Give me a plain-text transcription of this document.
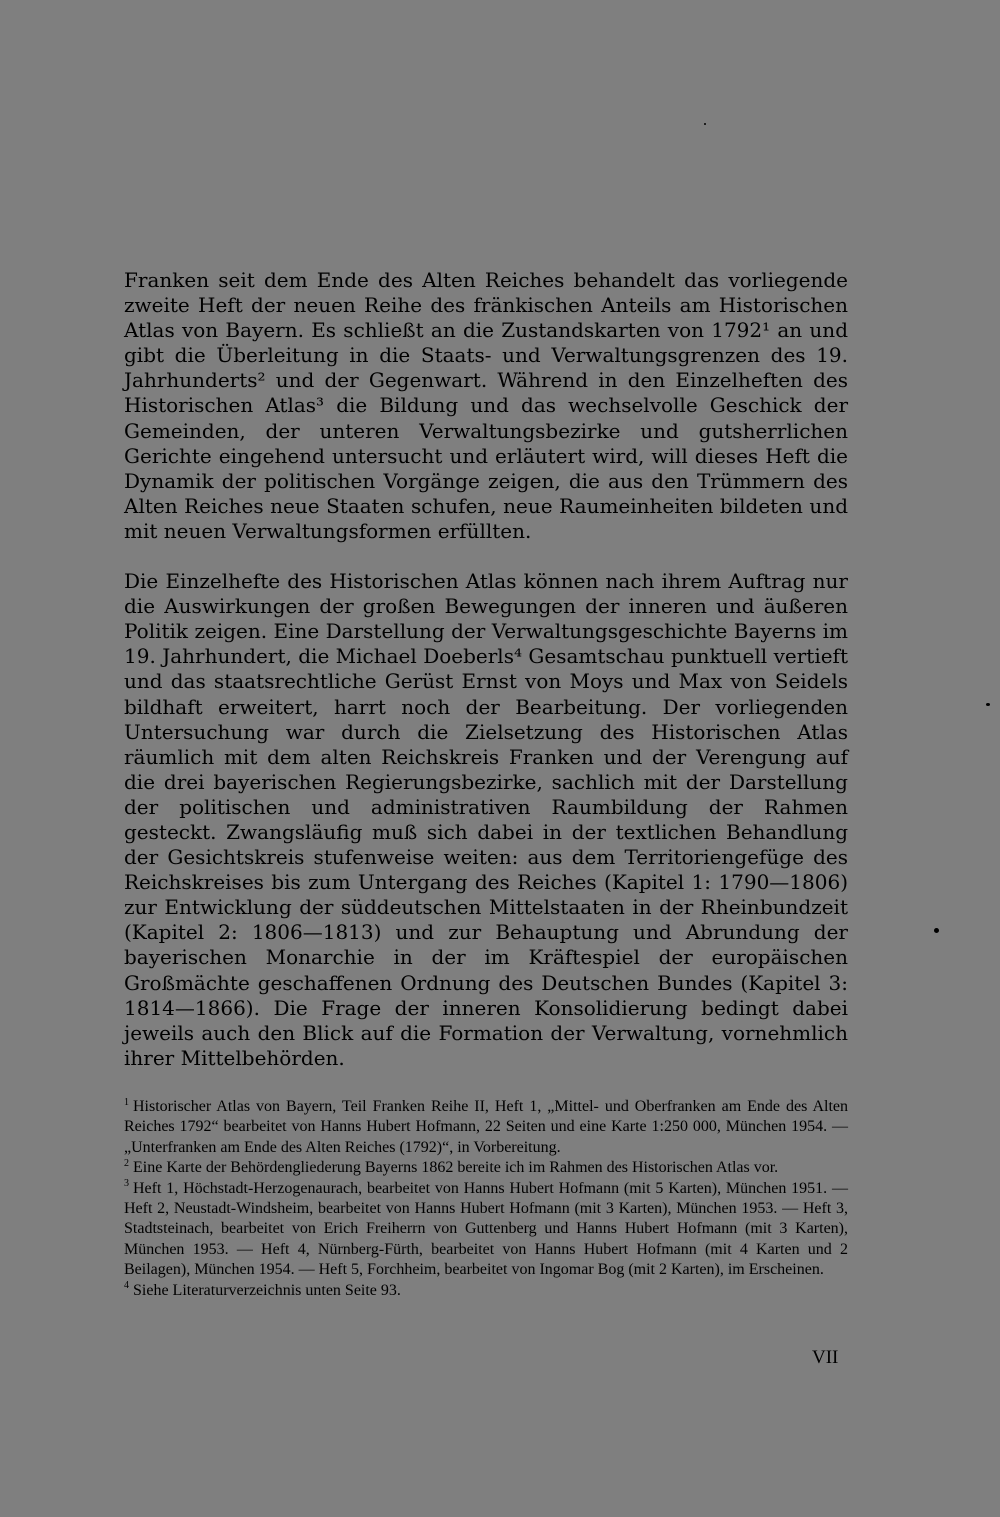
Franken seit dem Ende des Alten Reiches behandelt das vorliegende zweite Heft der neuen Reihe des fränkischen Anteils am Historischen Atlas von Bayern. Es schließt an die Zustandskarten von 1792¹ an und gibt die Überleitung in die Staats- und Verwaltungsgrenzen des 19. Jahrhunderts² und der Gegenwart. Während in den Einzelheften des Historischen Atlas³ die Bildung und das wechselvolle Geschick der Gemeinden, der unteren Verwaltungsbezirke und gutsherrlichen Gerichte eingehend untersucht und erläutert wird, will dieses Heft die Dynamik der politischen Vorgänge zeigen, die aus den Trümmern des Alten Reiches neue Staaten schufen, neue Raumeinheiten bildeten und mit neuen Verwaltungsformen erfüllten.

Die Einzelhefte des Historischen Atlas können nach ihrem Auftrag nur die Auswirkungen der großen Bewegungen der inneren und äußeren Politik zeigen. Eine Darstellung der Verwaltungsgeschichte Bayerns im 19. Jahrhundert, die Michael Doeberls⁴ Gesamtschau punktuell vertieft und das staatsrechtliche Gerüst Ernst von Moys und Max von Seidels bildhaft erweitert, harrt noch der Bearbeitung. Der vorliegenden Untersuchung war durch die Zielsetzung des Historischen Atlas räumlich mit dem alten Reichskreis Franken und der Verengung auf die drei bayerischen Regierungsbezirke, sachlich mit der Darstellung der politischen und administrativen Raumbildung der Rahmen gesteckt. Zwangsläufig muß sich dabei in der textlichen Behandlung der Gesichtskreis stufenweise weiten: aus dem Territoriengefüge des Reichskreises bis zum Untergang des Reiches (Kapitel 1: 1790—1806) zur Entwicklung der süddeutschen Mittelstaaten in der Rheinbundzeit (Kapitel 2: 1806—1813) und zur Behauptung und Abrundung der bayerischen Monarchie in der im Kräftespiel der europäischen Großmächte geschaffenen Ordnung des Deutschen Bundes (Kapitel 3: 1814—1866). Die Frage der inneren Konsolidierung bedingt dabei jeweils auch den Blick auf die Formation der Verwaltung, vornehmlich ihrer Mittelbehörden.

$^1$ Historischer Atlas von Bayern, Teil Franken Reihe II, Heft 1, „Mittel- und Oberfranken am Ende des Alten Reiches 1792“ bearbeitet von Hanns Hubert Hofmann, 22 Seiten und eine Karte 1:250 000, München 1954. — „Unterfranken am Ende des Alten Reiches (1792)“, in Vorbereitung.

$^2$ Eine Karte der Behördengliederung Bayerns 1862 bereite ich im Rahmen des Historischen Atlas vor.

$^3$ Heft 1, Höchstadt-Herzogenaurach, bearbeitet von Hanns Hubert Hofmann (mit 5 Karten), München 1951. — Heft 2, Neustadt-Windsheim, bearbeitet von Hanns Hubert Hofmann (mit 3 Karten), München 1953. — Heft 3, Stadtsteinach, bearbeitet von Erich Freiherrn von Guttenberg und Hanns Hubert Hofmann (mit 3 Karten), München 1953. — Heft 4, Nürnberg-Fürth, bearbeitet von Hanns Hubert Hofmann (mit 4 Karten und 2 Beilagen), München 1954. — Heft 5, Forchheim, bearbeitet von Ingomar Bog (mit 2 Karten), im Erscheinen.

$^4$ Siehe Literaturverzeichnis unten Seite 93.

VII
